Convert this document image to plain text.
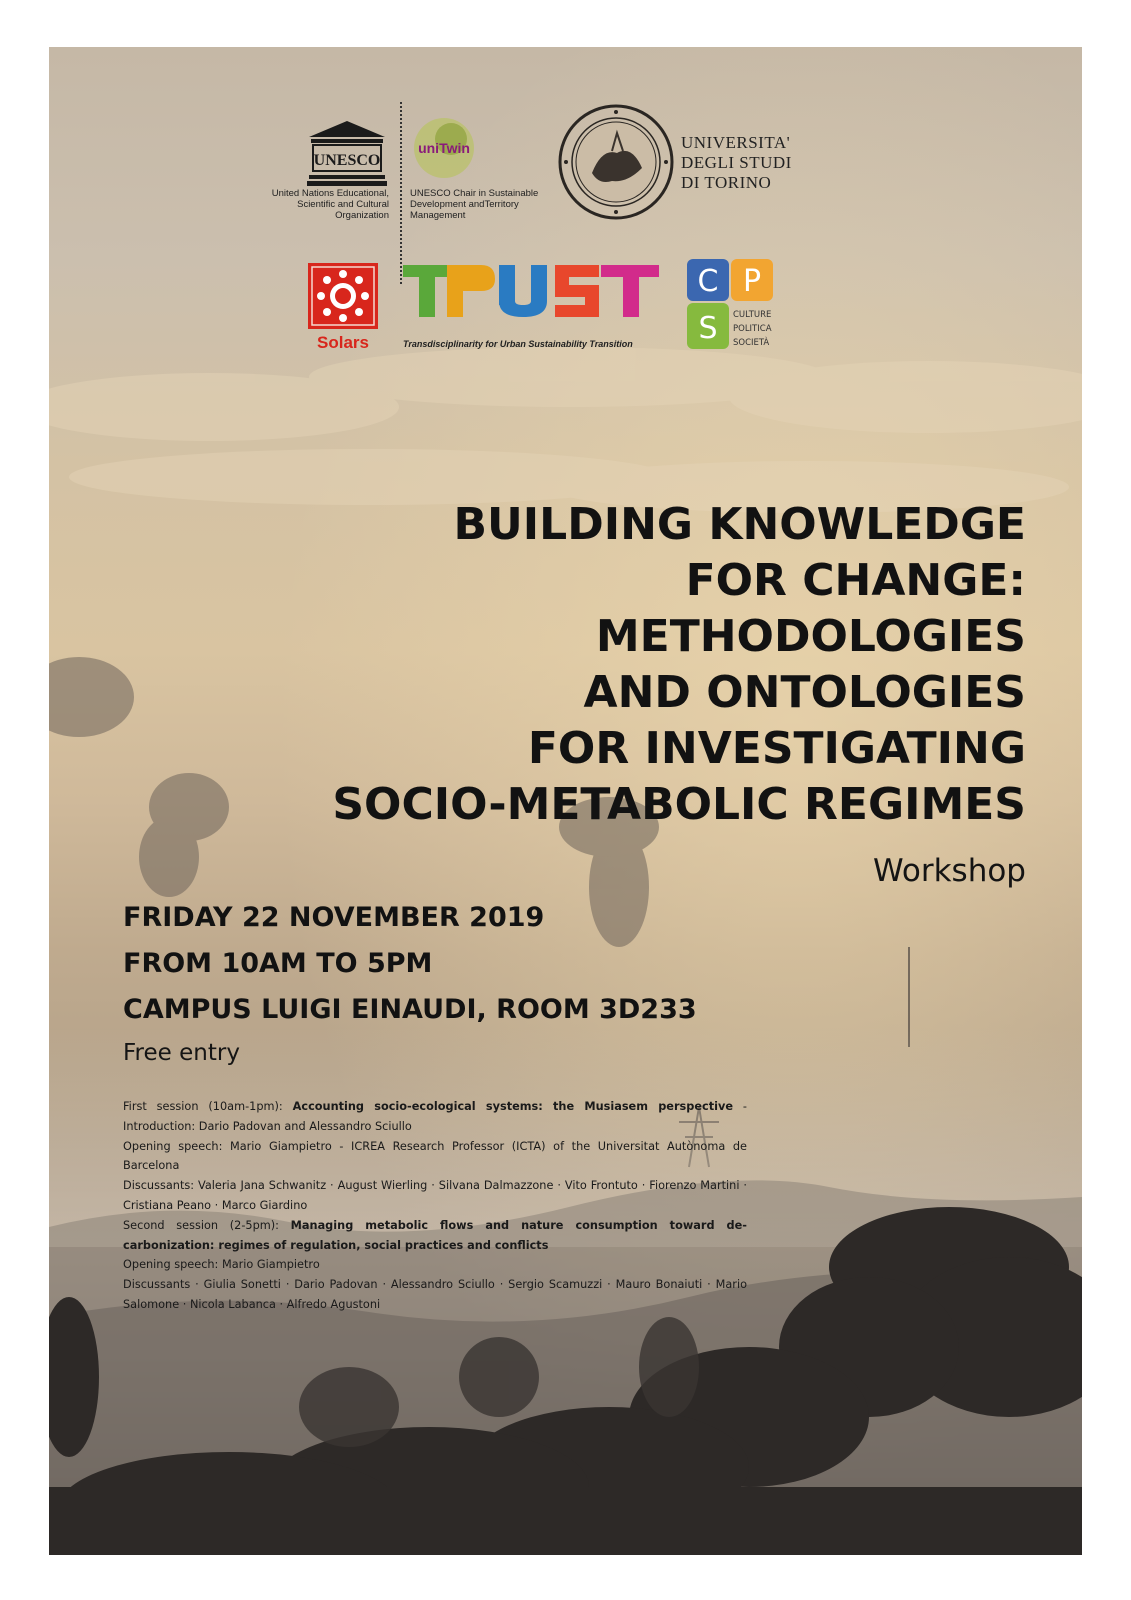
UNESCO
United Nations Educational, Scientific and Cultural Organization
uniTwin
UNESCO Chair in Sustainable Development andTerritory Management
UNIVERSITA'
DEGLI STUDI
DI TORINO
Solars	Transdisciplinarity for Urban Sustainability Transition
C P
S CULTURE
POLITICA
SOCIETÀ
BUILDING KNOWLEDGE
FOR CHANGE:
METHODOLOGIES
AND ONTOLOGIES
FOR INVESTIGATING
SOCIO-METABOLIC REGIMES
Workshop
FRIDAY 22 NOVEMBER 2019
FROM 10AM TO 5PM
CAMPUS LUIGI EINAUDI, ROOM 3D233
Free entry

First session (10am-1pm): Accounting socio-ecological systems: the Musiasem perspective - Introduction: Dario Padovan and Alessandro Sciullo

Opening speech: Mario Giampietro - ICREA Research Professor (ICTA) of the Universitat Autònoma de Barcelona

Discussants: Valeria Jana Schwanitz · August Wierling · Silvana Dalmazzone · Vito Frontuto · Fiorenzo Martini · Cristiana Peano · Marco Giardino

Second session (2-5pm): Managing metabolic flows and nature consumption toward de-carbonization: regimes of regulation, social practices and conflicts

Opening speech: Mario Giampietro

Discussants · Giulia Sonetti · Dario Padovan · Alessandro Sciullo · Sergio Scamuzzi · Mauro Bonaiuti · Mario Salomone · Nicola Labanca · Alfredo Agustoni
